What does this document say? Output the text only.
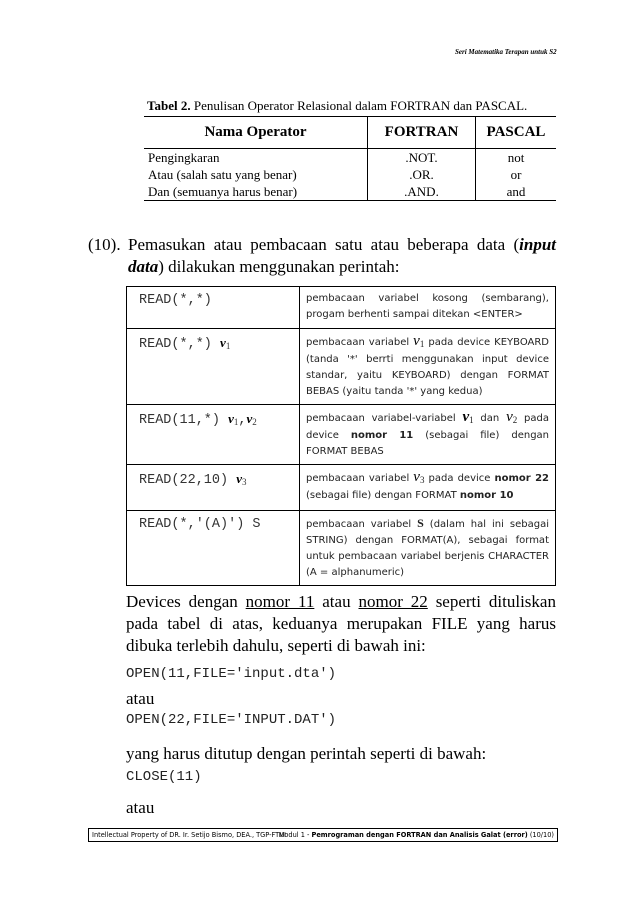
Seri Matematika Terapan untuk S2
Tabel 2. Penulisan Operator Relasional dalam FORTRAN dan PASCAL.
Nama Operator	FORTRAN	PASCAL
Pengingkaran	.NOT.	not
Atau (salah satu yang benar)	.OR.	or
Dan (semuanya harus benar)	.AND.	and
(10). Pemasukan atau pembacaan satu atau beberapa data (input data) dilakukan menggunakan perintah:
READ(*,*)	pembacaan variabel kosong (sembarang), progam berhenti sampai ditekan <ENTER>
READ(*,*) $v_1$	pembacaan variabel v1 pada device KEYBOARD (tanda '*' berrti menggunakan input device standar, yaitu KEYBOARD) dengan FORMAT BEBAS (yaitu tanda '*' yang kedua)
READ(11,*) $v_1,v_2$	pembacaan variabel-variabel v1 dan v2 pada device nomor 11 (sebagai file) dengan FORMAT BEBAS
READ(22,10) $v_3$	pembacaan variabel v3 pada device nomor 22 (sebagai file) dengan FORMAT nomor 10
READ(*,'(A)') S	pembacaan variabel S (dalam hal ini sebagai STRING) dengan FORMAT(A), sebagai format untuk pembacaan variabel berjenis CHARACTER (A = alphanumeric)
Devices dengan nomor 11 atau nomor 22 seperti dituliskan pada tabel di atas, keduanya merupakan FILE yang harus dibuka terlebih dahulu, seperti di bawah ini:
OPEN(11,FILE='input.dta')
atau
OPEN(22,FILE='INPUT.DAT')
yang harus ditutup dengan perintah seperti di bawah:
CLOSE(11)
atau
Intellectual Property of DR. Ir. Setijo Bismo, DEA., TGP-FTUI
Modul 1 - Pemrograman dengan FORTRAN dan Analisis Galat (error) (10/10)
